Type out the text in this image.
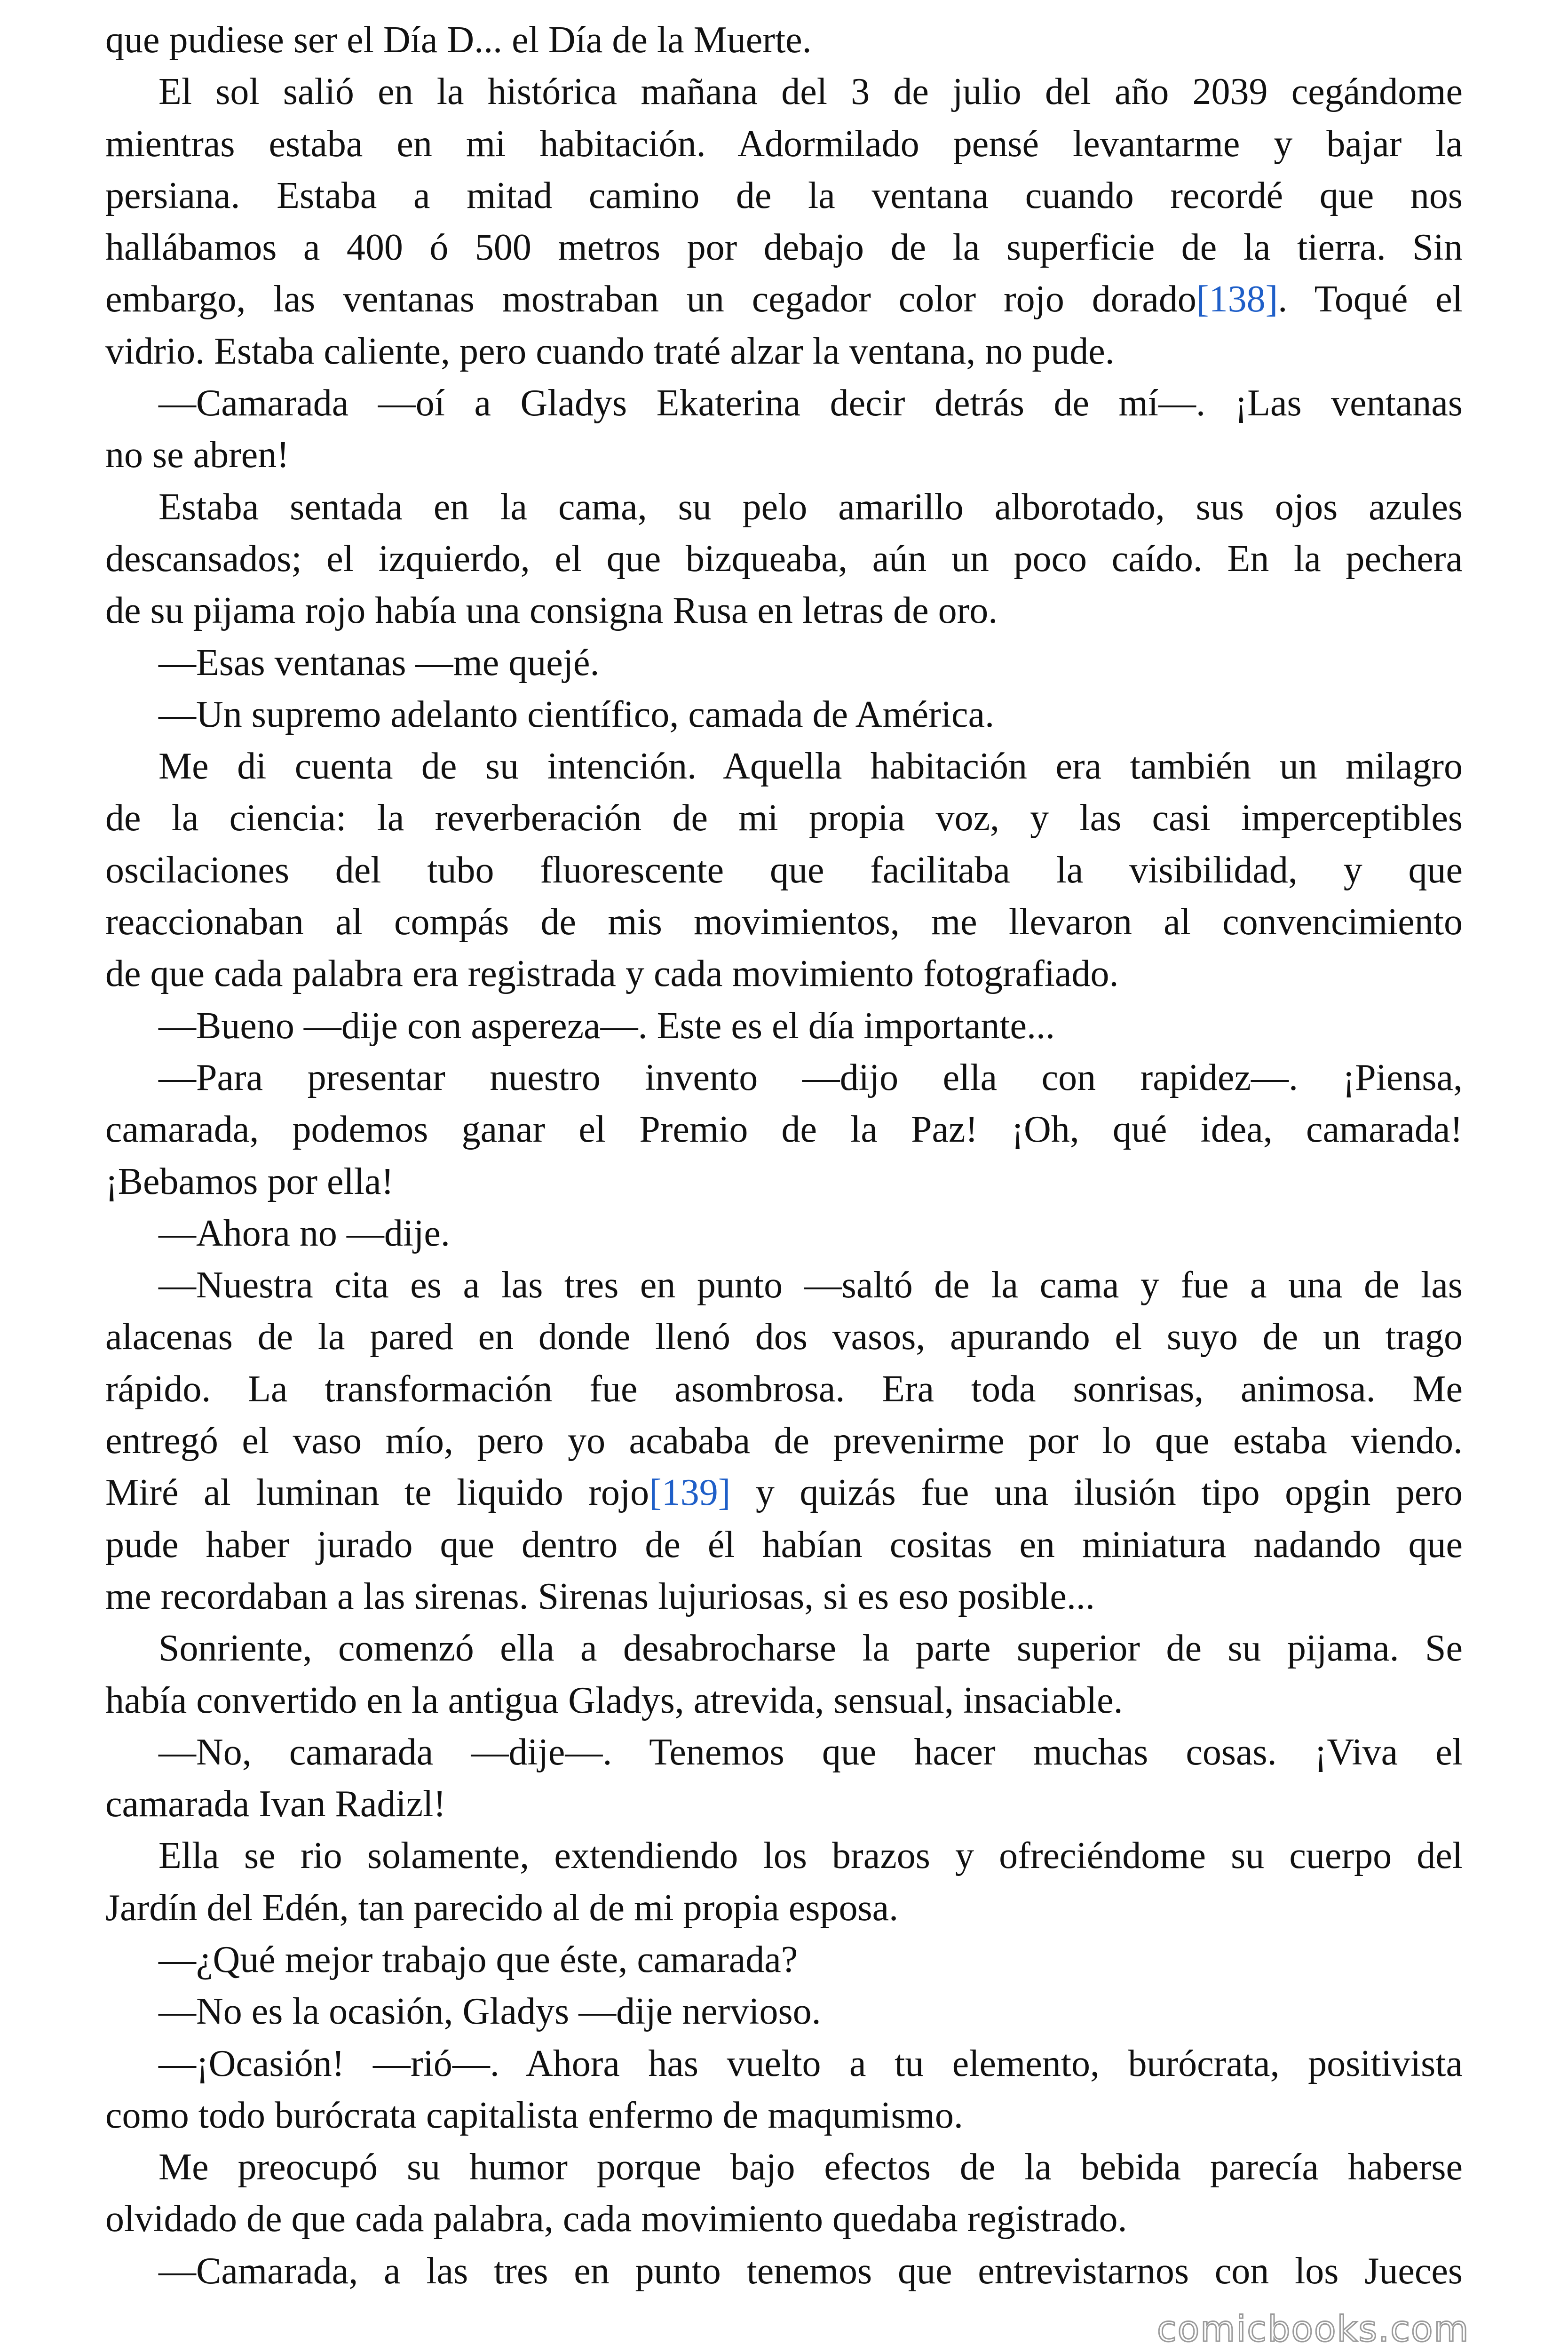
que pudiese ser el Día D... el Día de la Muerte.
El sol salió en la histórica mañana del 3 de julio del año 2039 cegándome
mientras estaba en mi habitación. Adormilado pensé levantarme y bajar la
persiana. Estaba a mitad camino de la ventana cuando recordé que nos
hallábamos a 400 ó 500 metros por debajo de la superficie de la tierra. Sin
embargo, las ventanas mostraban un cegador color rojo dorado[138]. Toqué el
vidrio. Estaba caliente, pero cuando traté alzar la ventana, no pude.
—Camarada —oí a Gladys Ekaterina decir detrás de mí—. ¡Las ventanas
no se abren!
Estaba sentada en la cama, su pelo amarillo alborotado, sus ojos azules
descansados; el izquierdo, el que bizqueaba, aún un poco caído. En la pechera
de su pijama rojo había una consigna Rusa en letras de oro.
—Esas ventanas —me quejé.
—Un supremo adelanto científico, camada de América.
Me di cuenta de su intención. Aquella habitación era también un milagro
de la ciencia: la reverberación de mi propia voz, y las casi imperceptibles
oscilaciones del tubo fluorescente que facilitaba la visibilidad, y que
reaccionaban al compás de mis movimientos, me llevaron al convencimiento
de que cada palabra era registrada y cada movimiento fotografiado.
—Bueno —dije con aspereza—. Este es el día importante...
—Para presentar nuestro invento —dijo ella con rapidez—. ¡Piensa,
camarada, podemos ganar el Premio de la Paz! ¡Oh, qué idea, camarada!
¡Bebamos por ella!
—Ahora no —dije.
—Nuestra cita es a las tres en punto —saltó de la cama y fue a una de las
alacenas de la pared en donde llenó dos vasos, apurando el suyo de un trago
rápido. La transformación fue asombrosa. Era toda sonrisas, animosa. Me
entregó el vaso mío, pero yo acababa de prevenirme por lo que estaba viendo.
Miré al luminan te liquido rojo[139] y quizás fue una ilusión tipo opgin pero
pude haber jurado que dentro de él habían cositas en miniatura nadando que
me recordaban a las sirenas. Sirenas lujuriosas, si es eso posible...
Sonriente, comenzó ella a desabrocharse la parte superior de su pijama. Se
había convertido en la antigua Gladys, atrevida, sensual, insaciable.
—No, camarada —dije—. Tenemos que hacer muchas cosas. ¡Viva el
camarada Ivan Radizl!
Ella se rio solamente, extendiendo los brazos y ofreciéndome su cuerpo del
Jardín del Edén, tan parecido al de mi propia esposa.
—¿Qué mejor trabajo que éste, camarada?
—No es la ocasión, Gladys —dije nervioso.
—¡Ocasión! —rió—. Ahora has vuelto a tu elemento, burócrata, positivista
como todo burócrata capitalista enfermo de maqumismo.
Me preocupó su humor porque bajo efectos de la bebida parecía haberse
olvidado de que cada palabra, cada movimiento quedaba registrado.
—Camarada, a las tres en punto tenemos que entrevistarnos con los Jueces
comicbooks.com
